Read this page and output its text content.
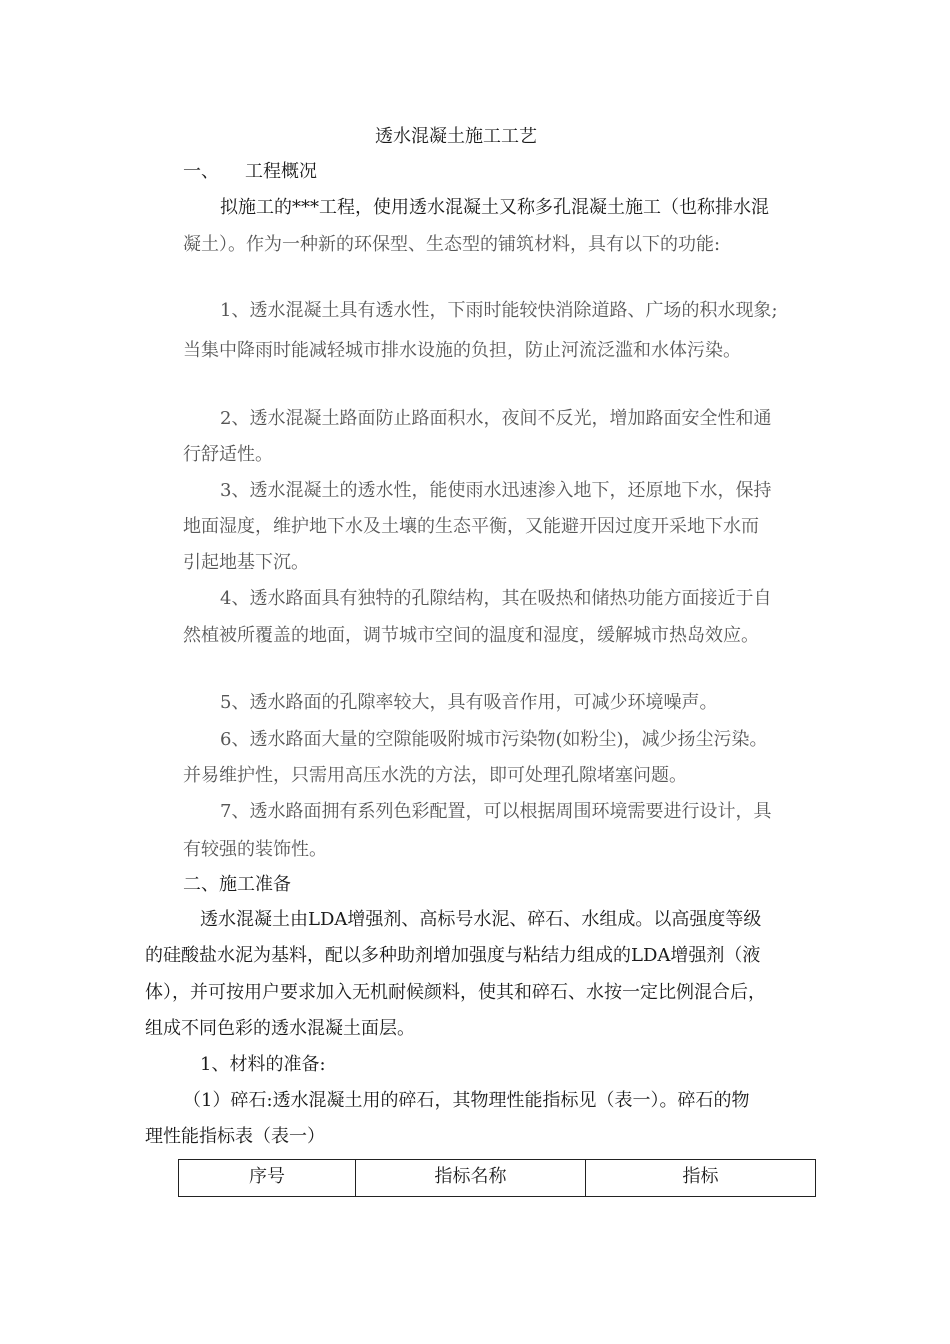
透水混凝土施工工艺
一、 工程概况
拟施工的***工程，使用透水混凝土又称多孔混凝土施工（也称排水混
凝土）。作为一种新的环保型、生态型的铺筑材料，具有以下的功能:
1、透水混凝土具有透水性，下雨时能较快消除道路、广场的积水现象;
当集中降雨时能减轻城市排水设施的负担，防止河流泛滥和水体污染。
2、透水混凝土路面防止路面积水，夜间不反光，增加路面安全性和通
行舒适性。
3、透水混凝土的透水性，能使雨水迅速渗入地下，还原地下水，保持
地面湿度，维护地下水及土壤的生态平衡，又能避开因过度开采地下水而
引起地基下沉。
4、透水路面具有独特的孔隙结构，其在吸热和储热功能方面接近于自
然植被所覆盖的地面，调节城市空间的温度和湿度，缓解城市热岛效应。
5、透水路面的孔隙率较大，具有吸音作用，可减少环境噪声。
6、透水路面大量的空隙能吸附城市污染物(如粉尘)，减少扬尘污染。
并易维护性，只需用高压水洗的方法，即可处理孔隙堵塞问题。
7、透水路面拥有系列色彩配置，可以根据周围环境需要进行设计，具
有较强的装饰性。
二、施工准备
透水混凝土由LDA增强剂、高标号水泥、碎石、水组成。以高强度等级
的硅酸盐水泥为基料，配以多种助剂增加强度与粘结力组成的LDA增强剂（液
体），并可按用户要求加入无机耐候颜料，使其和碎石、水按一定比例混合后，
组成不同色彩的透水混凝土面层。
1、材料的准备:
（1）碎石:透水混凝土用的碎石，其物理性能指标见（表一）。碎石的物
理性能指标表（表一）
序号	指标名称	指标
